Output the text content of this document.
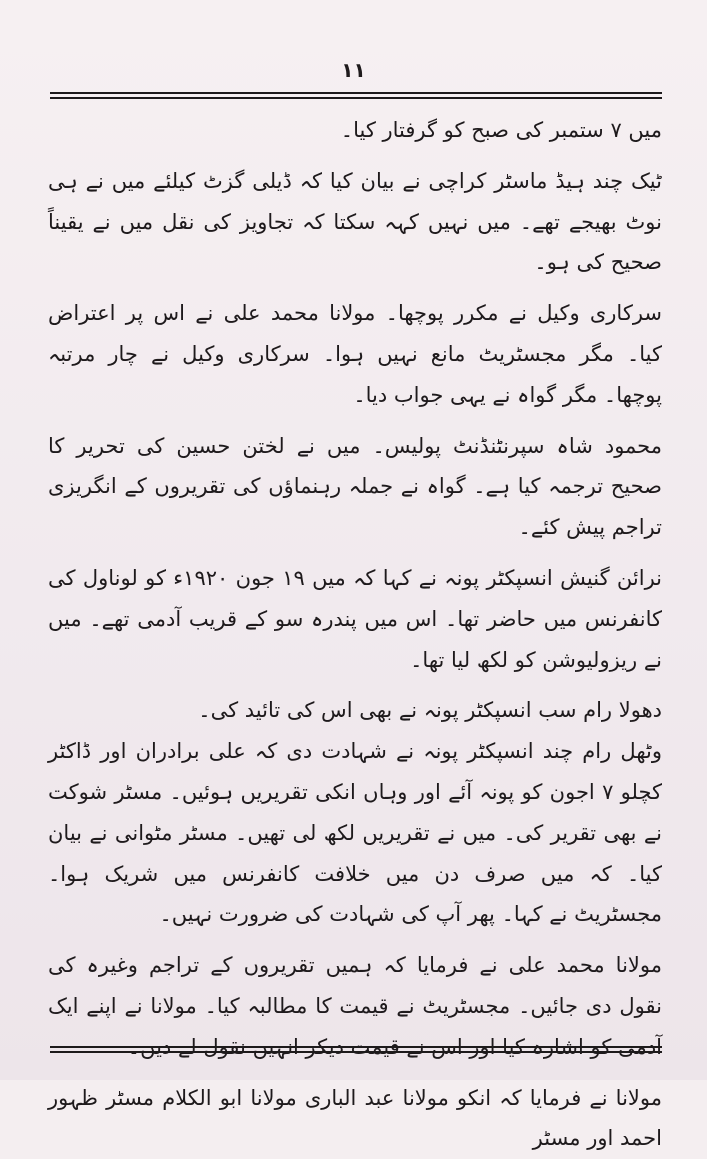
۱۱

میں ۷ ستمبر کی صبح کو گرفتار کیا۔

ٹیک چند ہیڈ ماسٹر کراچی نے بیان کیا کہ ڈیلی گزٹ کیلئے میں نے ہی نوٹ بھیجے تھے۔ میں نہیں کہہ سکتا کہ تجاویز کی نقل میں نے یقیناً صحیح کی ہو۔

سرکاری وکیل نے مکرر پوچھا۔ مولانا محمد علی نے اس پر اعتراض کیا۔ مگر مجسٹریٹ مانع نہیں ہوا۔ سرکاری وکیل نے چار مرتبہ پوچھا۔ مگر گواہ نے یہی جواب دیا۔

محمود شاہ سپرنٹنڈنٹ پولیس۔ میں نے لختن حسین کی تحریر کا صحیح ترجمہ کیا ہے۔ گواہ نے جملہ رہنماؤں کی تقریروں کے انگریزی تراجم پیش کئے۔

نرائن گنیش انسپکٹر پونہ نے کہا کہ میں ۱۹ جون ۱۹۲۰ء کو لوناول کی کانفرنس میں حاضر تھا۔ اس میں پندرہ سو کے قریب آدمی تھے۔ میں نے ریزولیوشن کو لکھ لیا تھا۔

دھولا رام سب انسپکٹر پونہ نے بھی اس کی تائید کی۔

وٹھل رام چند انسپکٹر پونہ نے شہادت دی کہ علی برادران اور ڈاکٹر کچلو ۷ اجون کو پونہ آئے اور وہاں انکی تقریریں ہوئیں۔ مسٹر شوکت نے بھی تقریر کی۔ میں نے تقریریں لکھ لی تھیں۔ مسٹر مٹوانی نے بیان کیا۔ کہ میں صرف دن میں خلافت کانفرنس میں شریک ہوا۔ مجسٹریٹ نے کہا۔ پھر آپ کی شہادت کی ضرورت نہیں۔

مولانا محمد علی نے فرمایا کہ ہمیں تقریروں کے تراجم وغیرہ کی نقول دی جائیں۔ مجسٹریٹ نے قیمت کا مطالبہ کیا۔ مولانا نے اپنے ایک آدمی کو اشارہ کیا اور اس نے قیمت دیکر انہیں نقول لے دیں۔

مولانا نے فرمایا کہ انکو مولانا عبد الباری مولانا ابو الکلام مسٹر ظہور احمد اور مسٹر
